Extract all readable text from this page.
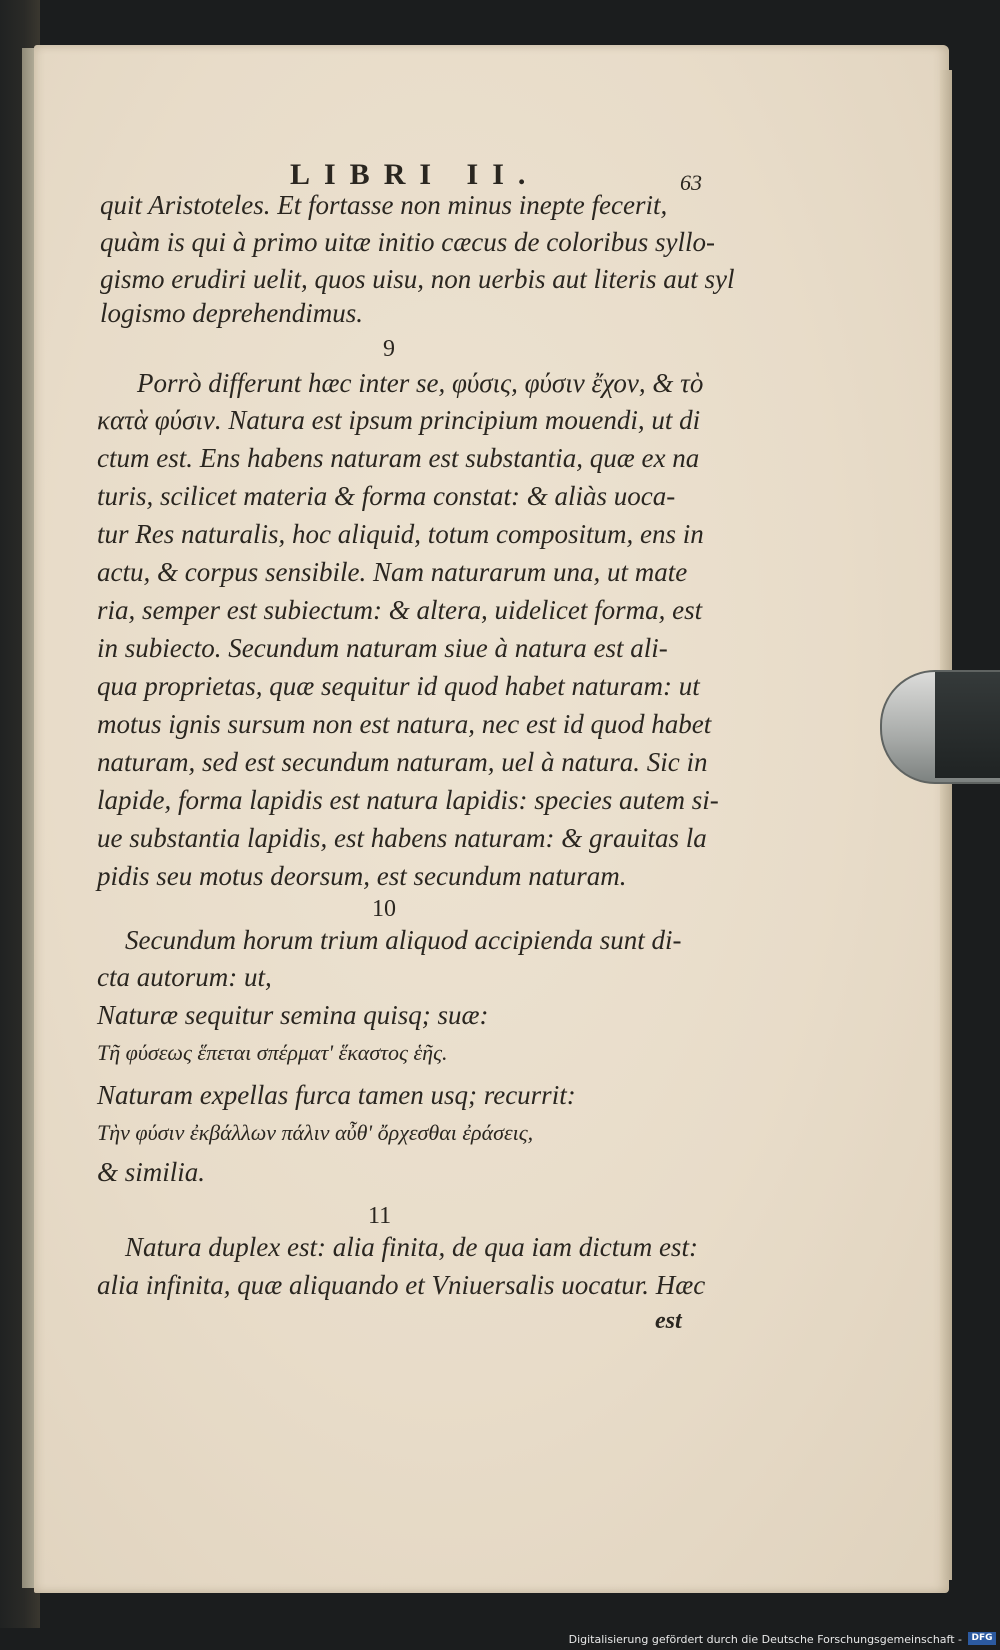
LIBRI II.	63
quit Aristoteles. Et fortasse non minus inepte fecerit,
quàm is qui à primo uitæ initio cæcus de coloribus syllo-
gismo erudiri uelit, quos uisu, non uerbis aut literis aut syl
logismo deprehendimus.
9
Porrò differunt hæc inter se, φύσις, φύσιν ἔχον, & τὸ
κατὰ φύσιν. Natura est ipsum principium mouendi, ut di
ctum est. Ens habens naturam est substantia, quæ ex na
turis, scilicet materia & forma constat: & aliàs uoca-
tur Res naturalis, hoc aliquid, totum compositum, ens in
actu, & corpus sensibile. Nam naturarum una, ut mate
ria, semper est subiectum: & altera, uidelicet forma, est
in subiecto. Secundum naturam siue à natura est ali-
qua proprietas, quæ sequitur id quod habet naturam: ut
motus ignis sursum non est natura, nec est id quod habet
naturam, sed est secundum naturam, uel à natura. Sic in
lapide, forma lapidis est natura lapidis: species autem si-
ue substantia lapidis, est habens naturam: & grauitas la
pidis seu motus deorsum, est secundum naturam.
10
Secundum horum trium aliquod accipienda sunt di-
cta autorum: ut,
Naturæ sequitur semina quisq; suæ:
Τῆ φύσεως ἕπεται σπέρματ' ἕκαστος ἑῆς.
Naturam expellas furca tamen usq; recurrit:
Τὴν φύσιν ἐκβάλλων πάλιν αὖθ' ὄρχεσθαι ἐράσεις,
& similia.
11
Natura duplex est: alia finita, de qua iam dictum est:
alia infinita, quæ aliquando et Vniuersalis uocatur. Hæc
est
Digitalisierung gefördert durch die Deutsche Forschungsgemeinschaft -	DFG
